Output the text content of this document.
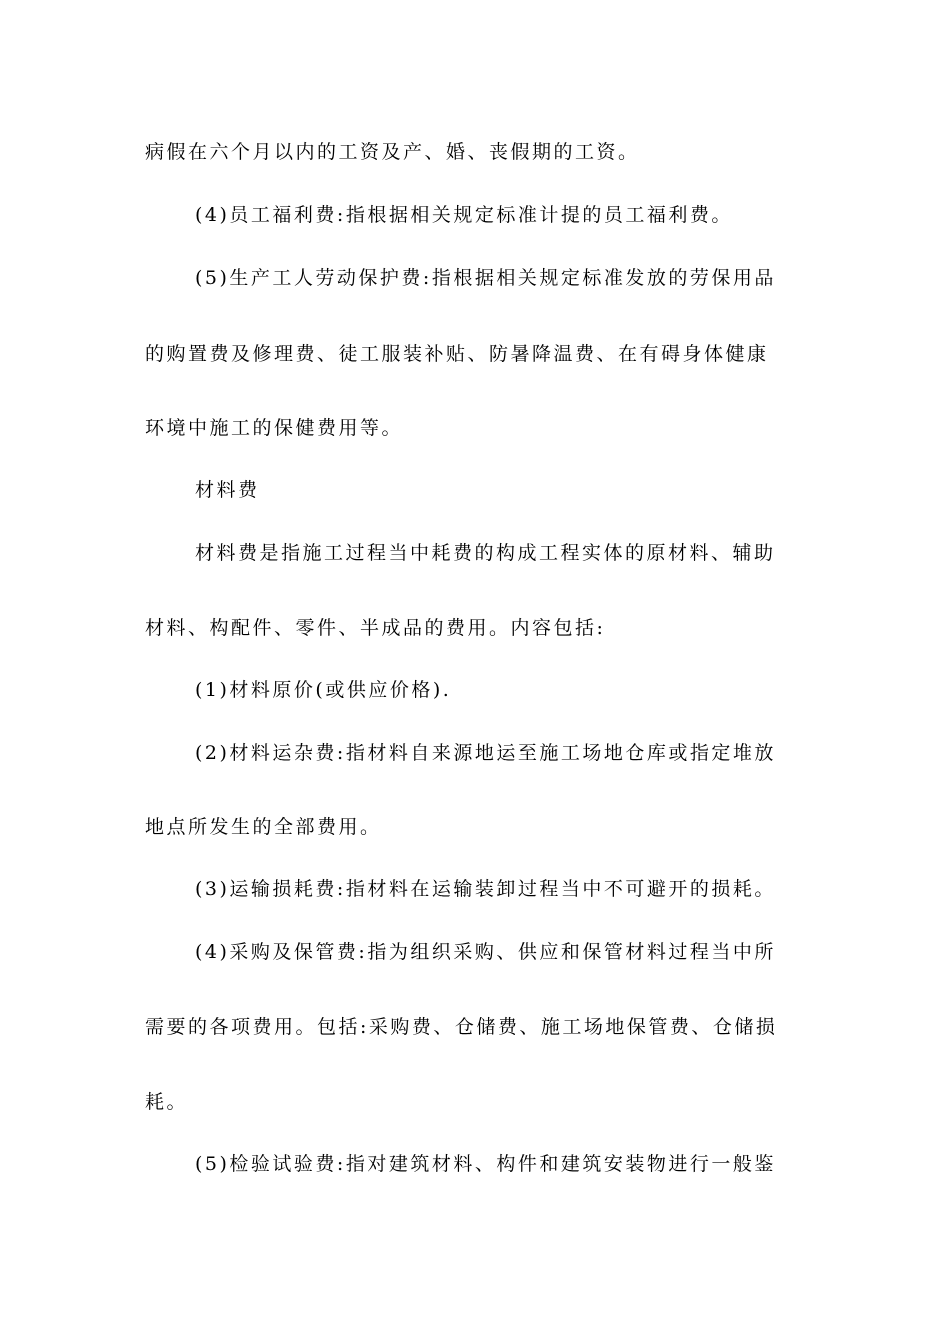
病假在六个月以内的工资及产、婚、丧假期的工资。
(4)员工福利费:指根据相关规定标准计提的员工福利费。
(5)生产工人劳动保护费:指根据相关规定标准发放的劳保用品
的购置费及修理费、徒工服装补贴、防暑降温费、在有碍身体健康
环境中施工的保健费用等。
材料费
材料费是指施工过程当中耗费的构成工程实体的原材料、辅助
材料、构配件、零件、半成品的费用。内容包括:
(1)材料原价(或供应价格).
(2)材料运杂费:指材料自来源地运至施工场地仓库或指定堆放
地点所发生的全部费用。
(3)运输损耗费:指材料在运输装卸过程当中不可避开的损耗。
(4)采购及保管费:指为组织采购、供应和保管材料过程当中所
需要的各项费用。包括:采购费、仓储费、施工场地保管费、仓储损
耗。
(5)检验试验费:指对建筑材料、构件和建筑安装物进行一般鉴
